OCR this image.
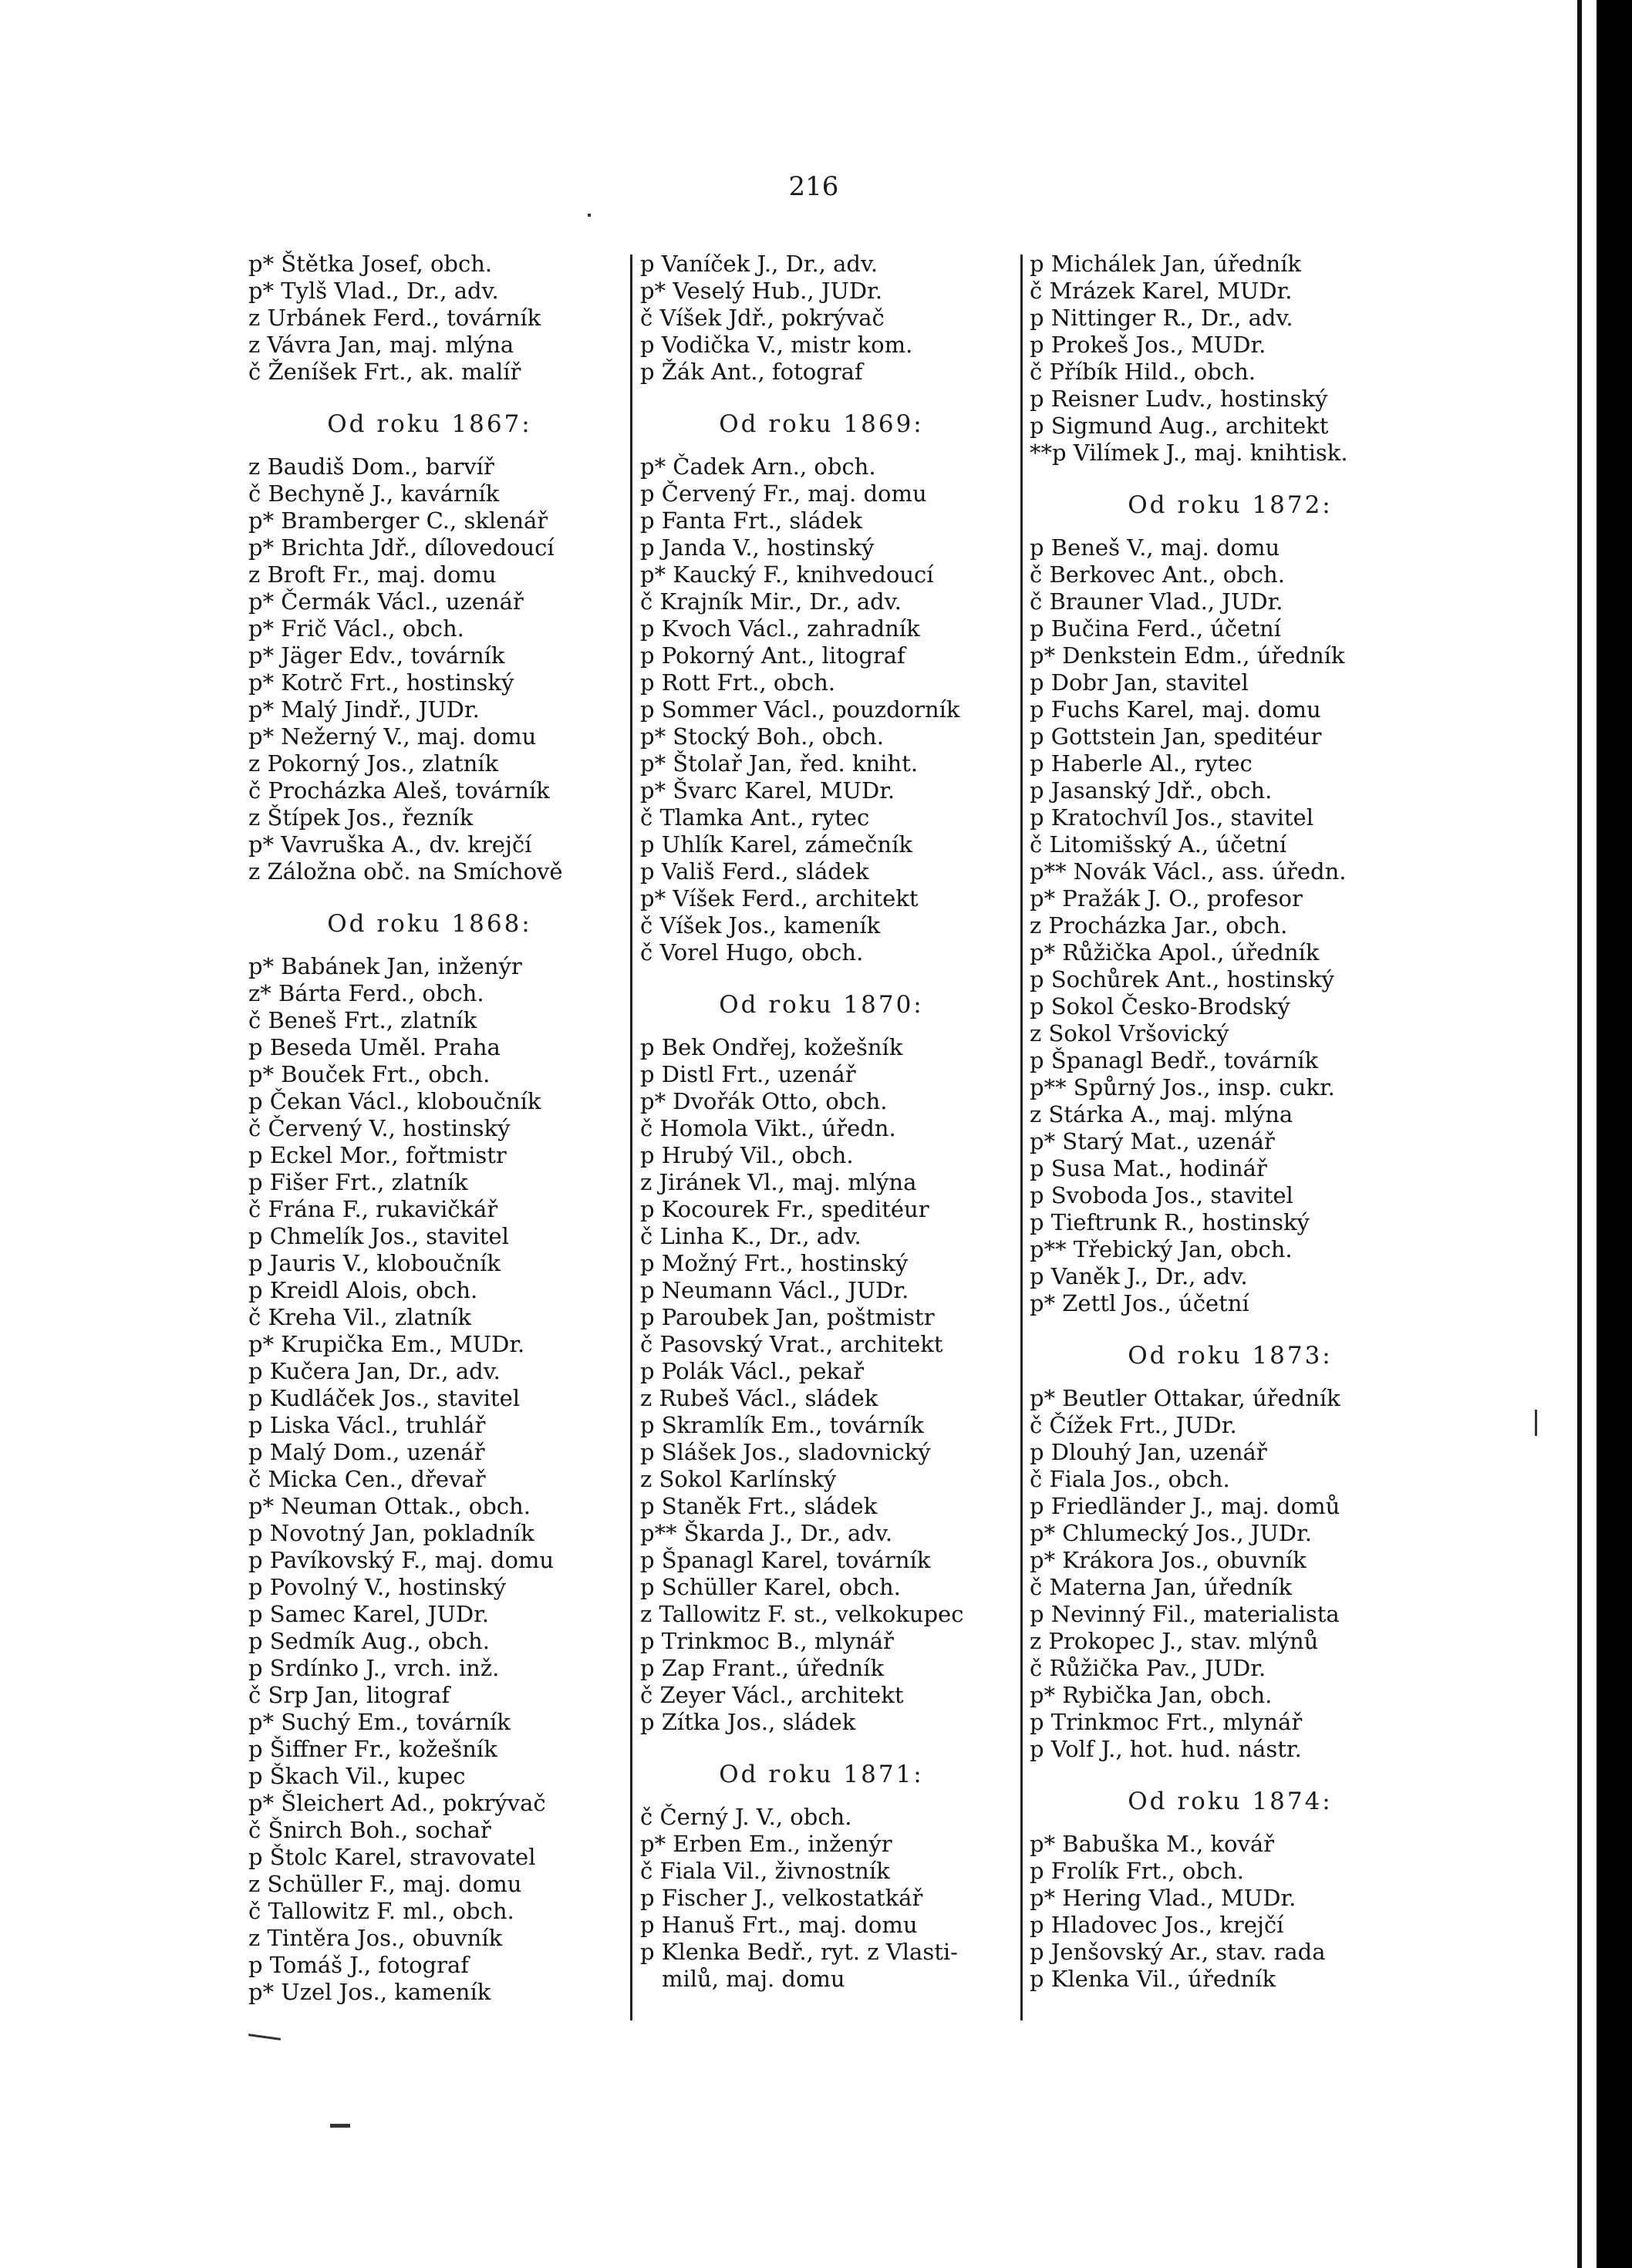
216
p* Štětka Josef, obch.
p* Tylš Vlad., Dr., adv.
z Urbánek Ferd., továrník
z Vávra Jan, maj. mlýna
č Ženíšek Frt., ak. malíř
Od roku 1867:
z Baudiš Dom., barvíř
č Bechyně J., kavárník
p* Bramberger C., sklenář
p* Brichta Jdř., dílovedoucí
z Broft Fr., maj. domu
p* Čermák Václ., uzenář
p* Frič Václ., obch.
p* Jäger Edv., továrník
p* Kotrč Frt., hostinský
p* Malý Jindř., JUDr.
p* Nežerný V., maj. domu
z Pokorný Jos., zlatník
č Procházka Aleš, továrník
z Štípek Jos., řezník
p* Vavruška A., dv. krejčí
z Záložna obč. na Smíchově
Od roku 1868:
p* Babánek Jan, inženýr
z* Bárta Ferd., obch.
č Beneš Frt., zlatník
p Beseda Uměl. Praha
p* Bouček Frt., obch.
p Čekan Václ., kloboučník
č Červený V., hostinský
p Eckel Mor., fořtmistr
p Fišer Frt., zlatník
č Frána F., rukavičkář
p Chmelík Jos., stavitel
p Jauris V., kloboučník
p Kreidl Alois, obch.
č Kreha Vil., zlatník
p* Krupička Em., MUDr.
p Kučera Jan, Dr., adv.
p Kudláček Jos., stavitel
p Liska Václ., truhlář
p Malý Dom., uzenář
č Micka Cen., dřevař
p* Neuman Ottak., obch.
p Novotný Jan, pokladník
p Pavíkovský F., maj. domu
p Povolný V., hostinský
p Samec Karel, JUDr.
p Sedmík Aug., obch.
p Srdínko J., vrch. inž.
č Srp Jan, litograf
p* Suchý Em., továrník
p Šiffner Fr., kožešník
p Škach Vil., kupec
p* Šleichert Ad., pokrývač
č Šnirch Boh., sochař
p Štolc Karel, stravovatel
z Schüller F., maj. domu
č Tallowitz F. ml., obch.
z Tintěra Jos., obuvník
p Tomáš J., fotograf
p* Uzel Jos., kameník
p Vaníček J., Dr., adv.
p* Veselý Hub., JUDr.
č Víšek Jdř., pokrývač
p Vodička V., mistr kom.
p Žák Ant., fotograf
Od roku 1869:
p* Čadek Arn., obch.
p Červený Fr., maj. domu
p Fanta Frt., sládek
p Janda V., hostinský
p* Kaucký F., knihvedoucí
č Krajník Mir., Dr., adv.
p Kvoch Václ., zahradník
p Pokorný Ant., litograf
p Rott Frt., obch.
p Sommer Václ., pouzdorník
p* Stocký Boh., obch.
p* Štolař Jan, řed. kniht.
p* Švarc Karel, MUDr.
č Tlamka Ant., rytec
p Uhlík Karel, zámečník
p Vališ Ferd., sládek
p* Víšek Ferd., architekt
č Víšek Jos., kameník
č Vorel Hugo, obch.
Od roku 1870:
p Bek Ondřej, kožešník
p Distl Frt., uzenář
p* Dvořák Otto, obch.
č Homola Vikt., úředn.
p Hrubý Vil., obch.
z Jiránek Vl., maj. mlýna
p Kocourek Fr., speditéur
č Linha K., Dr., adv.
p Možný Frt., hostinský
p Neumann Václ., JUDr.
p Paroubek Jan, poštmistr
č Pasovský Vrat., architekt
p Polák Václ., pekař
z Rubeš Václ., sládek
p Skramlík Em., továrník
p Slášek Jos., sladovnický
z Sokol Karlínský
p Staněk Frt., sládek
p** Škarda J., Dr., adv.
p Španagl Karel, továrník
p Schüller Karel, obch.
z Tallowitz F. st., velkokupec
p Trinkmoc B., mlynář
p Zap Frant., úředník
č Zeyer Václ., architekt
p Zítka Jos., sládek
Od roku 1871:
č Černý J. V., obch.
p* Erben Em., inženýr
č Fiala Vil., živnostník
p Fischer J., velkostatkář
p Hanuš Frt., maj. domu
p Klenka Bedř., ryt. z Vlasti-
milů, maj. domu
p Michálek Jan, úředník
č Mrázek Karel, MUDr.
p Nittinger R., Dr., adv.
p Prokeš Jos., MUDr.
č Příbík Hild., obch.
p Reisner Ludv., hostinský
p Sigmund Aug., architekt
**p Vilímek J., maj. knihtisk.
Od roku 1872:
p Beneš V., maj. domu
č Berkovec Ant., obch.
č Brauner Vlad., JUDr.
p Bučina Ferd., účetní
p* Denkstein Edm., úředník
p Dobr Jan, stavitel
p Fuchs Karel, maj. domu
p Gottstein Jan, speditéur
p Haberle Al., rytec
p Jasanský Jdř., obch.
p Kratochvíl Jos., stavitel
č Litomišský A., účetní
p** Novák Václ., ass. úředn.
p* Pražák J. O., profesor
z Procházka Jar., obch.
p* Růžička Apol., úředník
p Sochůrek Ant., hostinský
p Sokol Česko-Brodský
z Sokol Vršovický
p Španagl Bedř., továrník
p** Spůrný Jos., insp. cukr.
z Stárka A., maj. mlýna
p* Starý Mat., uzenář
p Susa Mat., hodinář
p Svoboda Jos., stavitel
p Tieftrunk R., hostinský
p** Třebický Jan, obch.
p Vaněk J., Dr., adv.
p* Zettl Jos., účetní
Od roku 1873:
p* Beutler Ottakar, úředník
č Čížek Frt., JUDr.
p Dlouhý Jan, uzenář
č Fiala Jos., obch.
p Friedländer J., maj. domů
p* Chlumecký Jos., JUDr.
p* Krákora Jos., obuvník
č Materna Jan, úředník
p Nevinný Fil., materialista
z Prokopec J., stav. mlýnů
č Růžička Pav., JUDr.
p* Rybička Jan, obch.
p Trinkmoc Frt., mlynář
p Volf J., hot. hud. nástr.
Od roku 1874:
p* Babuška M., kovář
p Frolík Frt., obch.
p* Hering Vlad., MUDr.
p Hladovec Jos., krejčí
p Jenšovský Ar., stav. rada
p Klenka Vil., úředník
